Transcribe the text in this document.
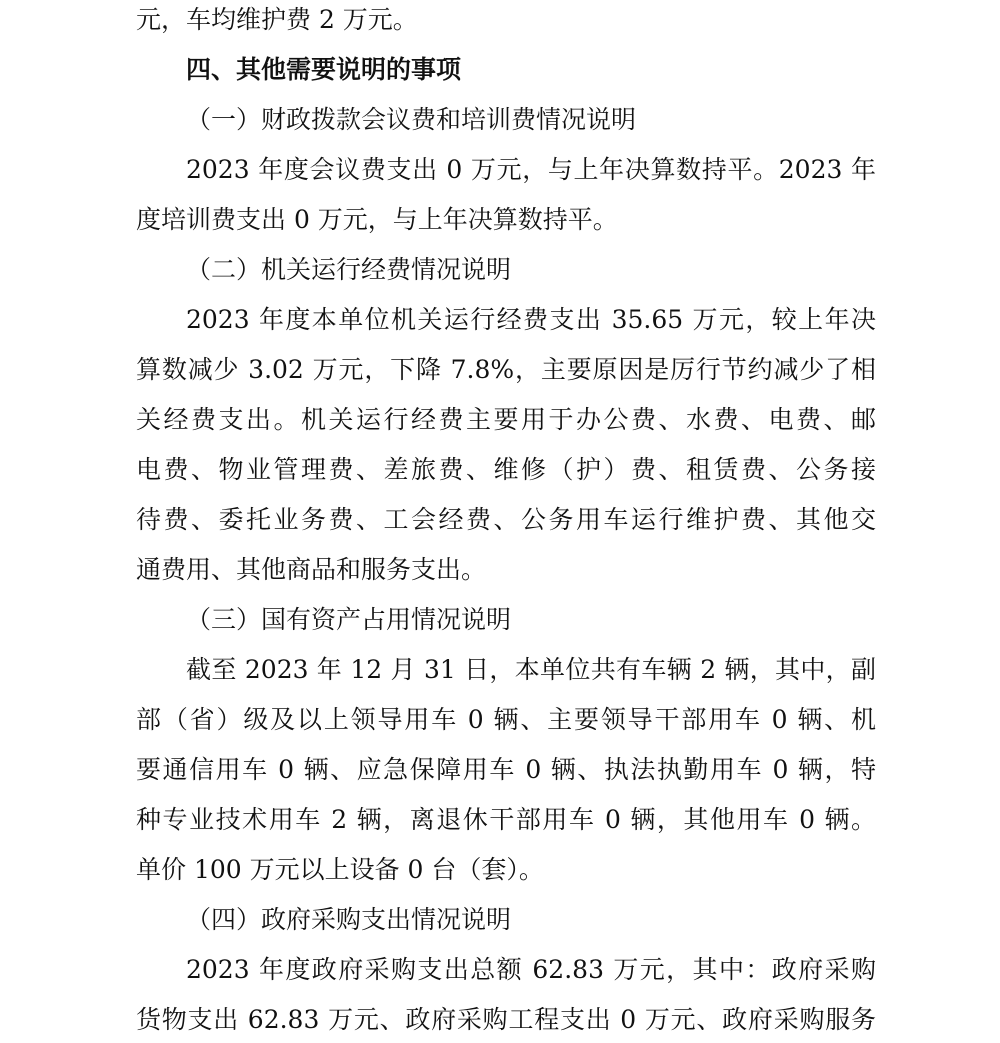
元，车均维护费 2 万元。
四、其他需要说明的事项
（一）财政拨款会议费和培训费情况说明
2023 年度会议费支出 0 万元，与上年决算数持平。2023 年
度培训费支出 0 万元，与上年决算数持平。
（二）机关运行经费情况说明
2023 年度本单位机关运行经费支出 35.65 万元，较上年决
算数减少 3.02 万元，下降 7.8%，主要原因是厉行节约减少了相
关经费支出。机关运行经费主要用于办公费、水费、电费、邮
电费、物业管理费、差旅费、维修（护）费、租赁费、公务接
待费、委托业务费、工会经费、公务用车运行维护费、其他交
通费用、其他商品和服务支出。
（三）国有资产占用情况说明
截至 2023 年 12 月 31 日，本单位共有车辆 2 辆，其中，副
部（省）级及以上领导用车 0 辆、主要领导干部用车 0 辆、机
要通信用车 0 辆、应急保障用车 0 辆、执法执勤用车 0 辆，特
种专业技术用车 2 辆，离退休干部用车 0 辆，其他用车 0 辆。
单价 100 万元以上设备 0 台（套）。
（四）政府采购支出情况说明
2023 年度政府采购支出总额 62.83 万元，其中：政府采购
货物支出 62.83 万元、政府采购工程支出 0 万元、政府采购服务
